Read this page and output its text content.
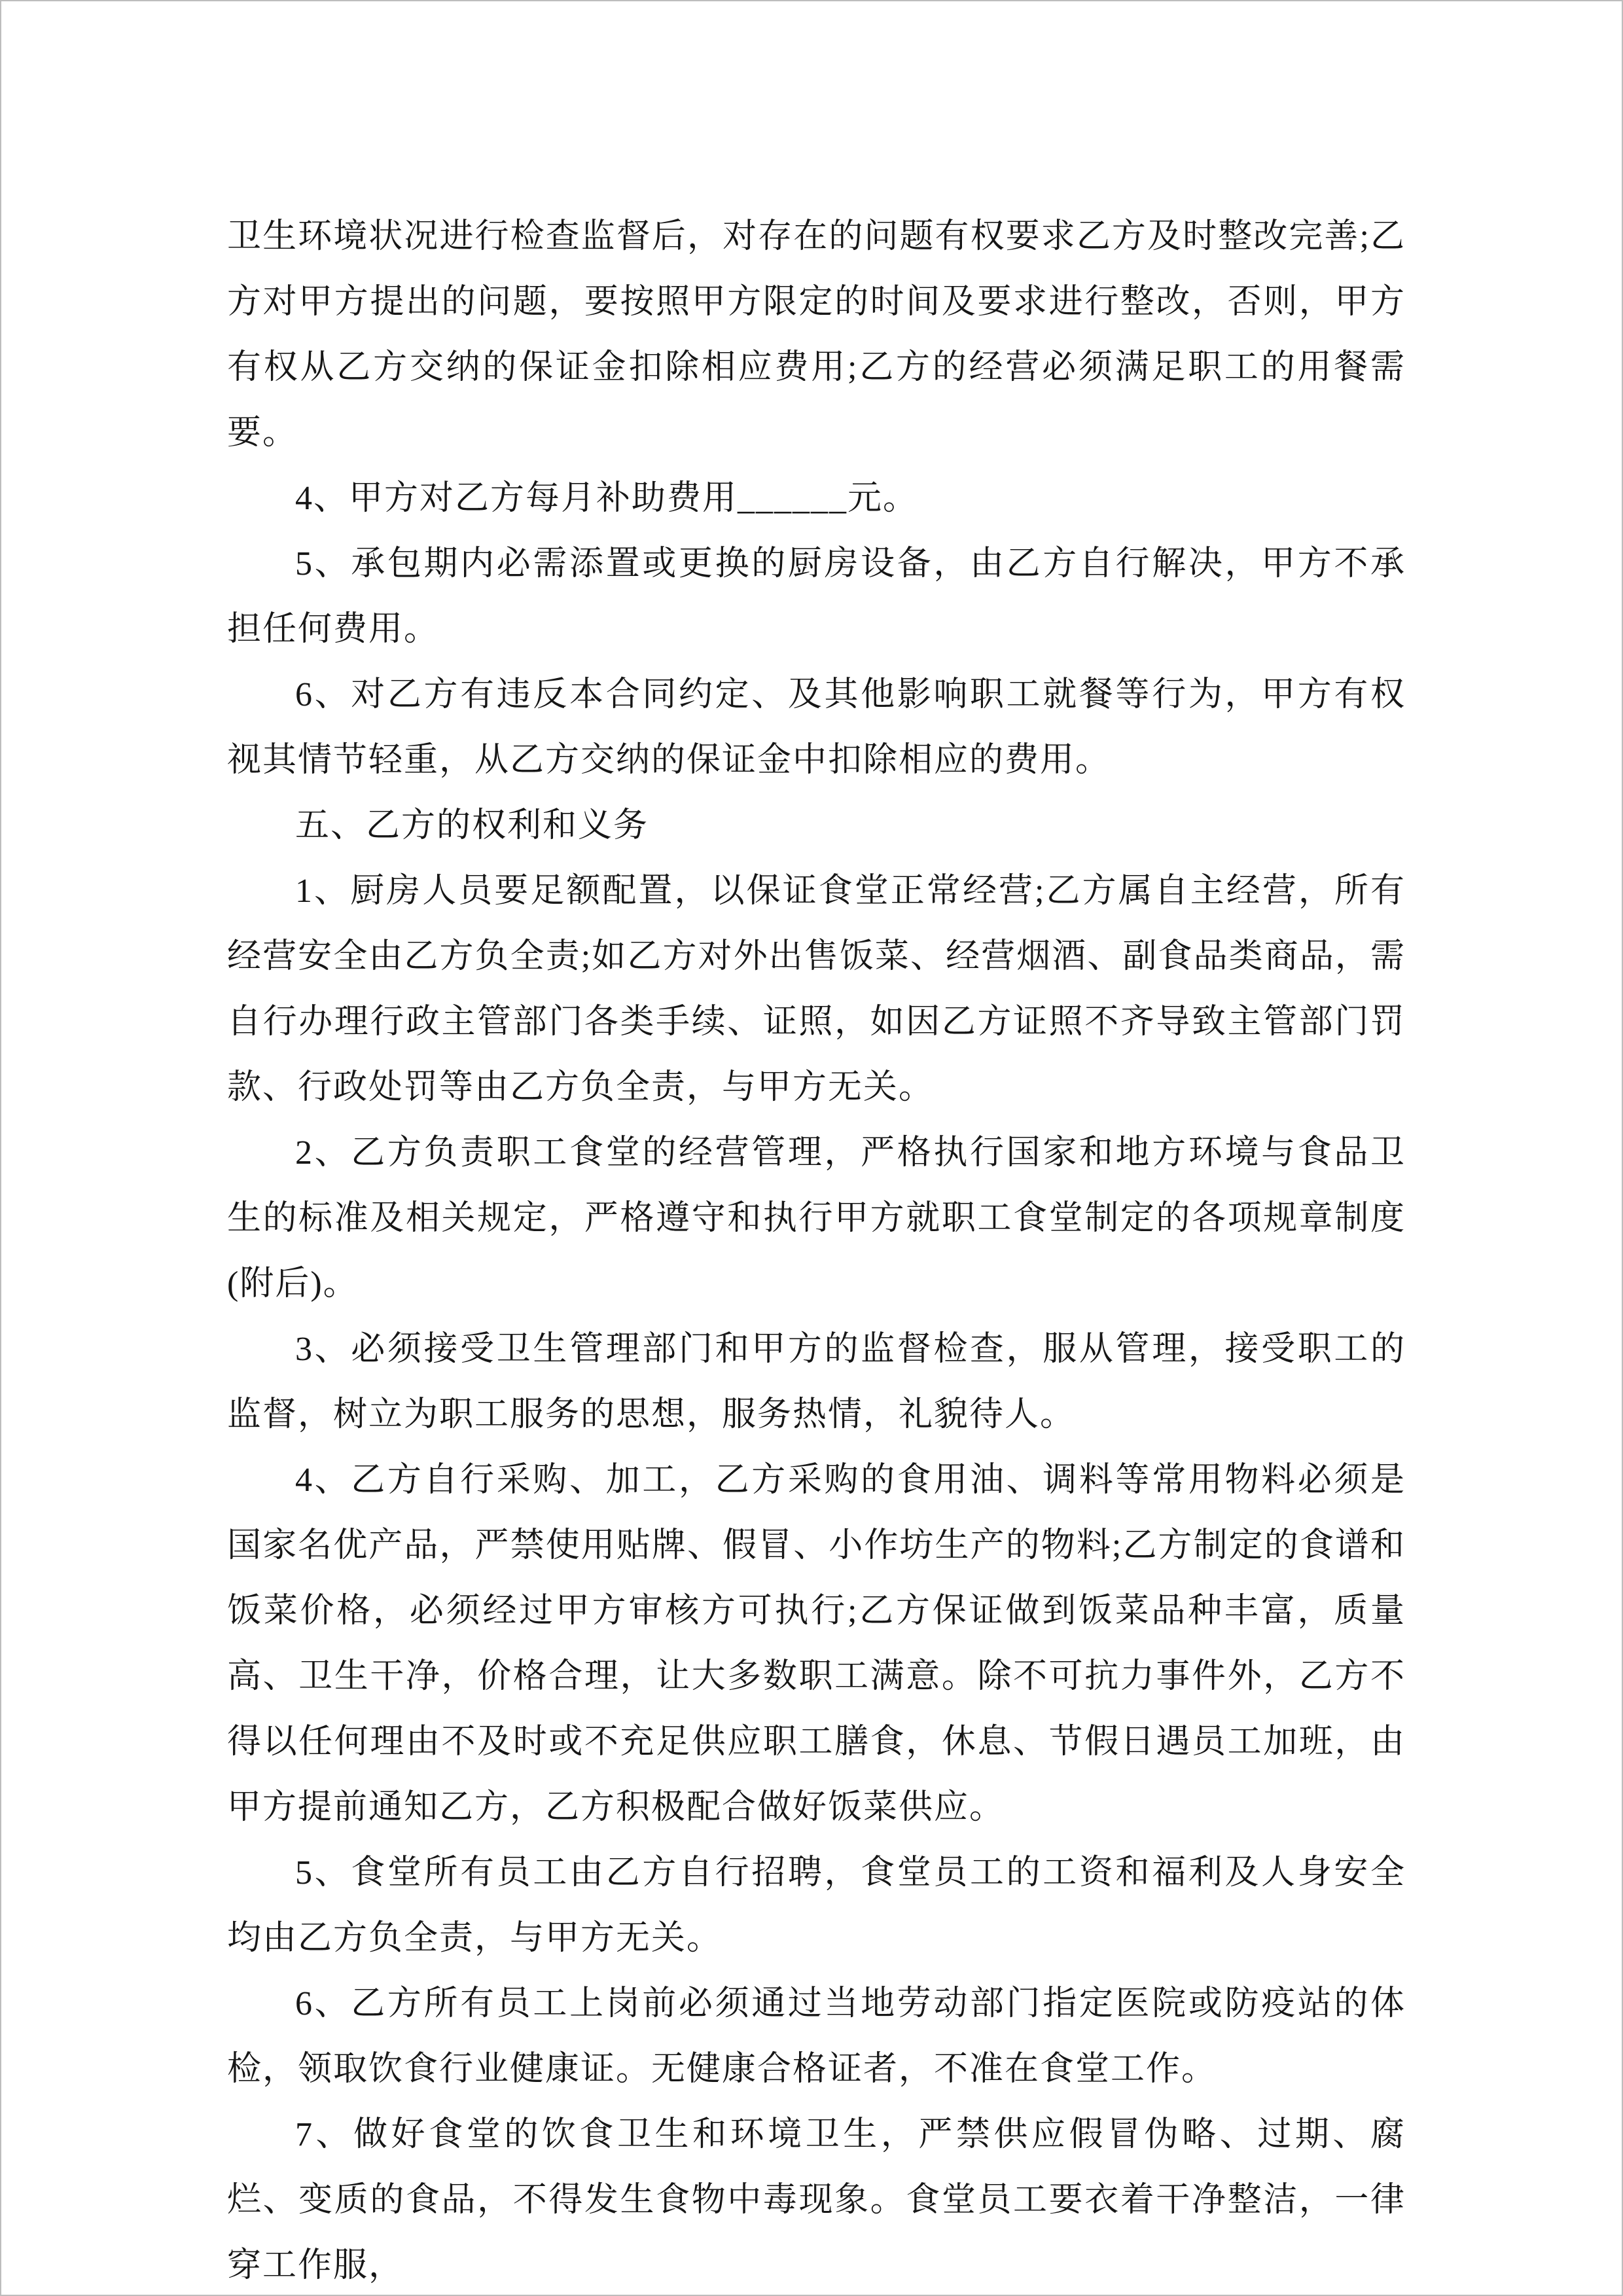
卫生环境状况进行检查监督后，对存在的问题有权要求乙方及时整改完善;乙方对甲方提出的问题，要按照甲方限定的时间及要求进行整改，否则，甲方有权从乙方交纳的保证金扣除相应费用;乙方的经营必须满足职工的用餐需要。

4、甲方对乙方每月补助费用______元。

5、承包期内必需添置或更换的厨房设备，由乙方自行解决，甲方不承担任何费用。

6、对乙方有违反本合同约定、及其他影响职工就餐等行为，甲方有权视其情节轻重，从乙方交纳的保证金中扣除相应的费用。

五、乙方的权利和义务

1、厨房人员要足额配置，以保证食堂正常经营;乙方属自主经营，所有经营安全由乙方负全责;如乙方对外出售饭菜、经营烟酒、副食品类商品，需自行办理行政主管部门各类手续、证照，如因乙方证照不齐导致主管部门罚款、行政处罚等由乙方负全责，与甲方无关。

2、乙方负责职工食堂的经营管理，严格执行国家和地方环境与食品卫生的标准及相关规定，严格遵守和执行甲方就职工食堂制定的各项规章制度(附后)。

3、必须接受卫生管理部门和甲方的监督检查，服从管理，接受职工的监督，树立为职工服务的思想，服务热情，礼貌待人。

4、乙方自行采购、加工，乙方采购的食用油、调料等常用物料必须是国家名优产品，严禁使用贴牌、假冒、小作坊生产的物料;乙方制定的食谱和饭菜价格，必须经过甲方审核方可执行;乙方保证做到饭菜品种丰富，质量高、卫生干净，价格合理，让大多数职工满意。除不可抗力事件外，乙方不得以任何理由不及时或不充足供应职工膳食，休息、节假日遇员工加班，由甲方提前通知乙方，乙方积极配合做好饭菜供应。

5、食堂所有员工由乙方自行招聘，食堂员工的工资和福利及人身安全均由乙方负全责，与甲方无关。

6、乙方所有员工上岗前必须通过当地劳动部门指定医院或防疫站的体检，领取饮食行业健康证。无健康合格证者，不准在食堂工作。

7、做好食堂的饮食卫生和环境卫生，严禁供应假冒伪略、过期、腐烂、变质的食品，不得发生食物中毒现象。食堂员工要衣着干净整洁，一律穿工作服，
